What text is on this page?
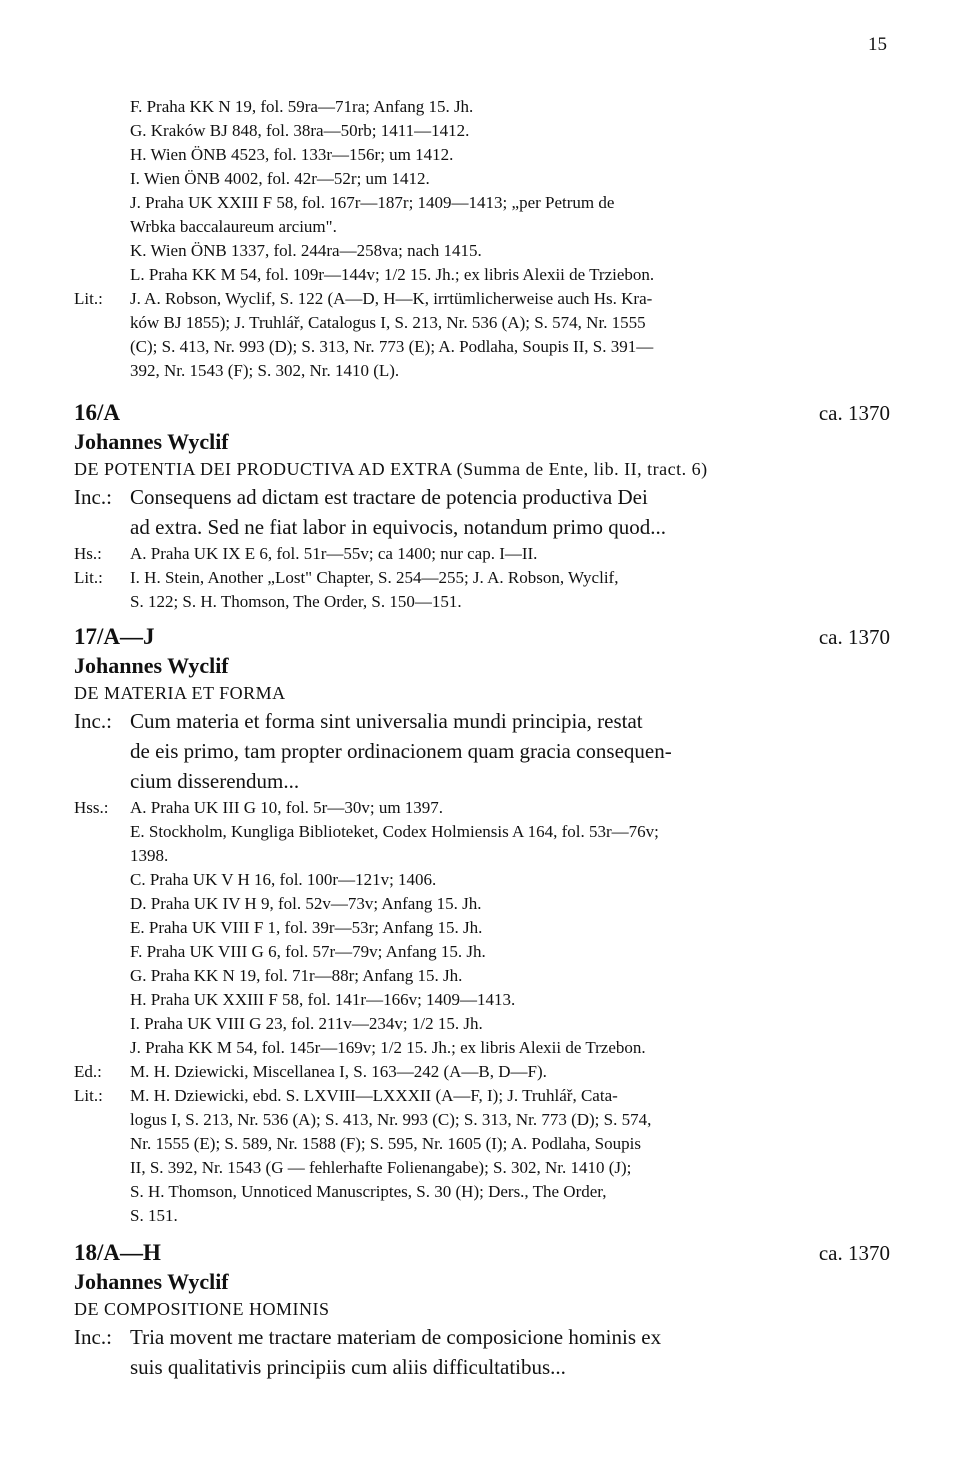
15
F. Praha KK N 19, fol. 59ra—71ra; Anfang 15. Jh.
G. Kraków BJ 848, fol. 38ra—50rb; 1411—1412.
H. Wien ÖNB 4523, fol. 133r—156r; um 1412.
I. Wien ÖNB 4002, fol. 42r—52r; um 1412.
J. Praha UK XXIII F 58, fol. 167r—187r; 1409—1413; „per Petrum de
Wrbka baccalaureum arcium".
K. Wien ÖNB 1337, fol. 244ra—258va; nach 1415.
L. Praha KK M 54, fol. 109r—144v; 1/2 15. Jh.; ex libris Alexii de Trziebon.
Lit.: J. A. Robson, Wyclif, S. 122 (A—D, H—K, irrtümlicherweise auch Hs. Kra-
ków BJ 1855); J. Truhlář, Catalogus I, S. 213, Nr. 536 (A); S. 574, Nr. 1555
(C); S. 413, Nr. 993 (D); S. 313, Nr. 773 (E); A. Podlaha, Soupis II, S. 391—
392, Nr. 1543 (F); S. 302, Nr. 1410 (L).
16/A	ca. 1370
Johannes Wyclif
DE POTENTIA DEI PRODUCTIVA AD EXTRA (Summa de Ente, lib. II, tract. 6)
Inc.: Consequens ad dictam est tractare de potencia productiva Dei
ad extra. Sed ne fiat labor in equivocis, notandum primo quod...
Hs.: A. Praha UK IX E 6, fol. 51r—55v; ca 1400; nur cap. I—II.
Lit.: I. H. Stein, Another „Lost" Chapter, S. 254—255; J. A. Robson, Wyclif,
S. 122; S. H. Thomson, The Order, S. 150—151.
17/A—J	ca. 1370
Johannes Wyclif
DE MATERIA ET FORMA
Inc.: Cum materia et forma sint universalia mundi principia, restat
de eis primo, tam propter ordinacionem quam gracia consequen-
cium disserendum...
Hss.: A. Praha UK III G 10, fol. 5r—30v; um 1397.
E. Stockholm, Kungliga Biblioteket, Codex Holmiensis A 164, fol. 53r—76v;
1398.
C. Praha UK V H 16, fol. 100r—121v; 1406.
D. Praha UK IV H 9, fol. 52v—73v; Anfang 15. Jh.
E. Praha UK VIII F 1, fol. 39r—53r; Anfang 15. Jh.
F. Praha UK VIII G 6, fol. 57r—79v; Anfang 15. Jh.
G. Praha KK N 19, fol. 71r—88r; Anfang 15. Jh.
H. Praha UK XXIII F 58, fol. 141r—166v; 1409—1413.
I. Praha UK VIII G 23, fol. 211v—234v; 1/2 15. Jh.
J. Praha KK M 54, fol. 145r—169v; 1/2 15. Jh.; ex libris Alexii de Trzebon.
Ed.: M. H. Dziewicki, Miscellanea I, S. 163—242 (A—B, D—F).
Lit.: M. H. Dziewicki, ebd. S. LXVIII—LXXXII (A—F, I); J. Truhlář, Cata-
logus I, S. 213, Nr. 536 (A); S. 413, Nr. 993 (C); S. 313, Nr. 773 (D); S. 574,
Nr. 1555 (E); S. 589, Nr. 1588 (F); S. 595, Nr. 1605 (I); A. Podlaha, Soupis
II, S. 392, Nr. 1543 (G — fehlerhafte Folienangabe); S. 302, Nr. 1410 (J);
S. H. Thomson, Unnoticed Manuscriptes, S. 30 (H); Ders., The Order,
S. 151.
18/A—H	ca. 1370
Johannes Wyclif
DE COMPOSITIONE HOMINIS
Inc.: Tria movent me tractare materiam de composicione hominis ex
suis qualitativis principiis cum aliis difficultatibus...
